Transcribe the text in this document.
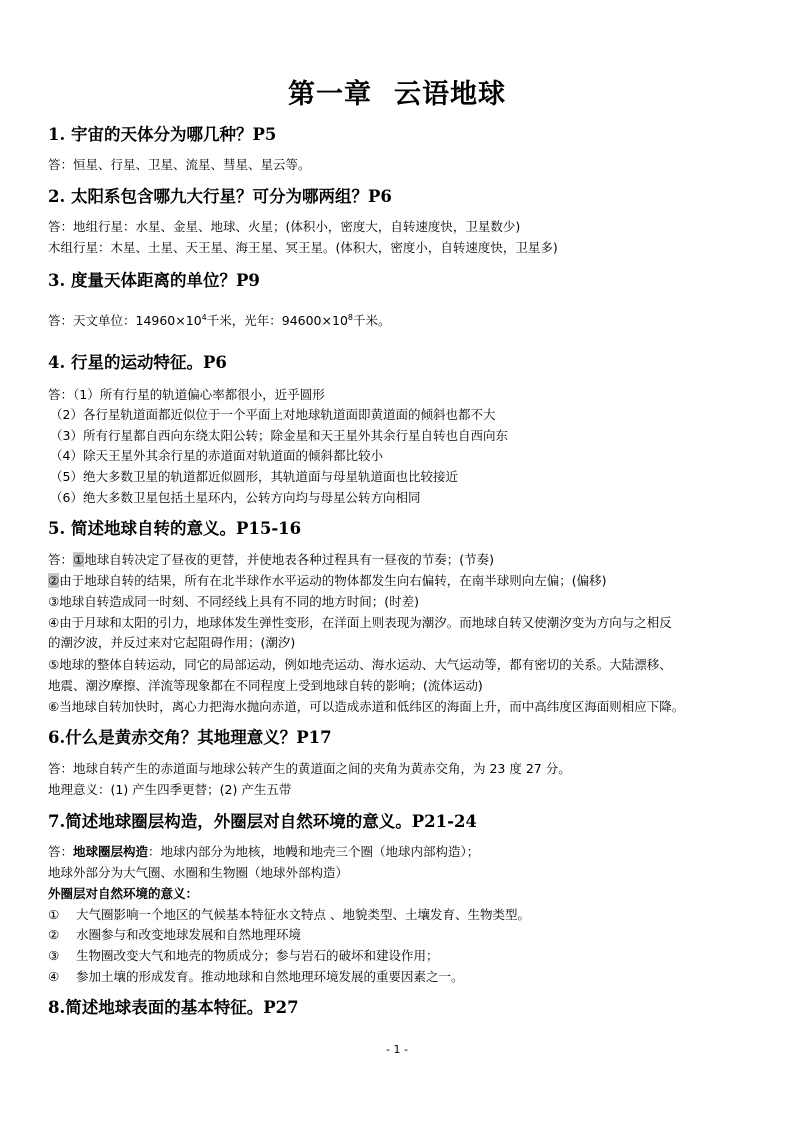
第一章 云语地球
1. 宇宙的天体分为哪几种？P5
答：恒星、行星、卫星、流星、彗星、星云等。
2. 太阳系包含哪九大行星？可分为哪两组？P6
答：地组行星：水星、金星、地球、火星；(体积小，密度大，自转速度快，卫星数少)
木组行星：木星、土星、天王星、海王星、冥王星。(体积大，密度小，自转速度快，卫星多)
3. 度量天体距离的单位？P9
答：天文单位：$14960\times 10^4$千米，光年：$94600\times 10^8$千米。
4. 行星的运动特征。P6
答：（1）所有行星的轨道偏心率都很小，近乎圆形
（2）各行星轨道面都近似位于一个平面上对地球轨道面即黄道面的倾斜也都不大
（3）所有行星都自西向东绕太阳公转；除金星和天王星外其余行星自转也自西向东
（4）除天王星外其余行星的赤道面对轨道面的倾斜都比较小
（5）绝大多数卫星的轨道都近似圆形，其轨道面与母星轨道面也比较接近
（6）绝大多数卫星包括土星环内，公转方向均与母星公转方向相同
5. 简述地球自转的意义。P15-16
答：①地球自转决定了昼夜的更替，并使地表各种过程具有一昼夜的节奏；(节奏)
②由于地球自转的结果，所有在北半球作水平运动的物体都发生向右偏转，在南半球则向左偏；(偏移)
③地球自转造成同一时刻、不同经线上具有不同的地方时间；(时差)
④由于月球和太阳的引力，地球体发生弹性变形，在洋面上则表现为潮汐。而地球自转又使潮汐变为方向与之相反
的潮汐波，并反过来对它起阻碍作用；(潮汐)
⑤地球的整体自转运动，同它的局部运动，例如地壳运动、海水运动、大气运动等，都有密切的关系。大陆漂移、
地震、潮汐摩擦、洋流等现象都在不同程度上受到地球自转的影响；(流体运动)
⑥当地球自转加快时，离心力把海水抛向赤道，可以造成赤道和低纬区的海面上升，而中高纬度区海面则相应下降。
6.什么是黄赤交角？其地理意义？P17
答：地球自转产生的赤道面与地球公转产生的黄道面之间的夹角为黄赤交角，为 23 度 27 分。
地理意义：(1) 产生四季更替；(2) 产生五带
7.简述地球圈层构造，外圈层对自然环境的意义。P21-24
答：地球圈层构造：地球内部分为地核，地幔和地壳三个圈（地球内部构造）；
地球外部分为大气圈、水圈和生物圈（地球外部构造）
外圈层对自然环境的意义：
① 大气圈影响一个地区的气候基本特征水文特点 、地貌类型、土壤发育、生物类型。
② 水圈参与和改变地球发展和自然地理环境
③ 生物圈改变大气和地壳的物质成分；参与岩石的破坏和建设作用；
④ 参加土壤的形成发育。推动地球和自然地理环境发展的重要因素之一。
8.简述地球表面的基本特征。P27
- 1 -
